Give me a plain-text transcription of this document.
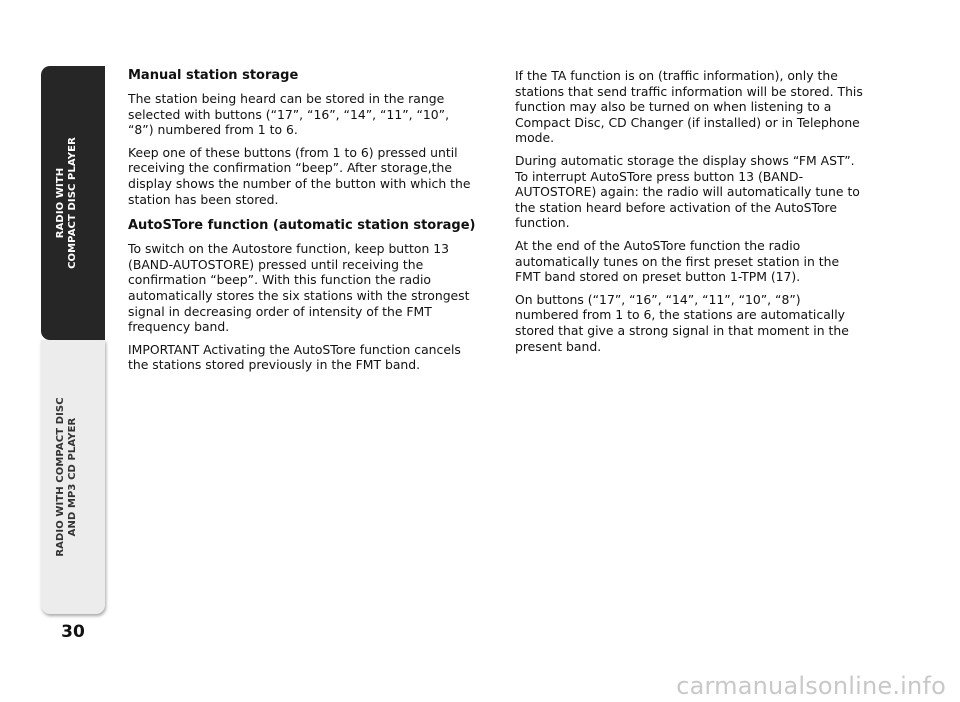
RADIO WITH COMPACT DISC PLAYER
RADIO WITH COMPACT DISC AND MP3 CD PLAYER
30
Manual station storage

The station being heard can be stored in the range selected with buttons (“17”, “16”, “14”, “11”, “10”, “8”) numbered from 1 to 6.

Keep one of these buttons (from 1 to 6) pressed until receiving the confirmation “beep”. After storage,the display shows the number of the button with which the station has been stored.

AutoSTore function (automatic station storage)

To switch on the Autostore function, keep button 13 (BAND-AUTOSTORE) pressed until receiving the confirmation “beep”. With this function the radio automatically stores the six stations with the strongest signal in decreasing order of intensity of the FMT frequency band.

IMPORTANT Activating the AutoSTore function cancels the stations stored previously in the FMT band.

If the TA function is on (traffic information), only the stations that send traffic information will be stored. This function may also be turned on when listening to a Compact Disc, CD Changer (if installed) or in Telephone mode.

During automatic storage the display shows “FM AST”. To interrupt AutoSTore press button 13 (BAND-AUTOSTORE) again: the radio will automatically tune to the station heard before activation of the AutoSTore function.

At the end of the AutoSTore function the radio automatically tunes on the first preset station in the FMT band stored on preset button 1-TPM (17).

On buttons (“17”, “16”, “14”, “11”, “10”, “8”) numbered from 1 to 6, the stations are automatically stored that give a strong signal in that moment in the present band.

carmanualsonline.info
